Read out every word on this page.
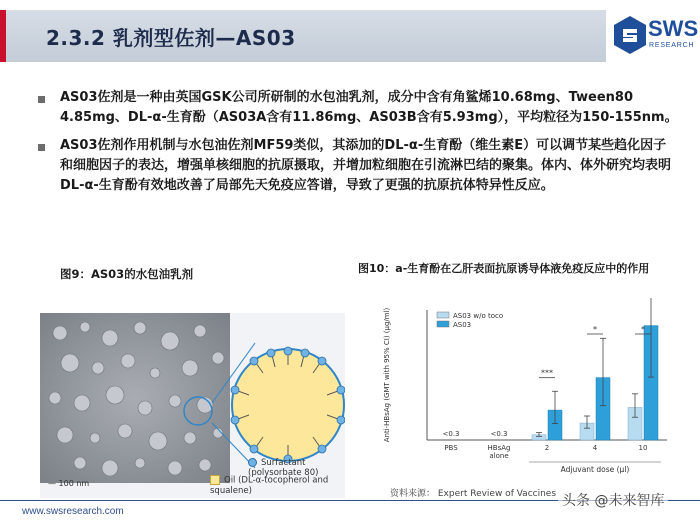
2.3.2 乳剂型佐剂—AS03	SWS
RESEARCH
AS03佐剂是一种由英国GSK公司所研制的水包油乳剂，成分中含有角鲨烯10.68mg、Tween80 4.85mg、DL-α-生育酚（AS03A含有11.86mg、AS03B含有5.93mg），平均粒径为150-155nm。
AS03佐剂作用机制与水包油佐剂MF59类似，其添加的DL-α-生育酚（维生素E）可以调节某些趋化因子和细胞因子的表达，增强单核细胞的抗原摄取，并增加粒细胞在引流淋巴结的聚集。体内、体外研究均表明DL-α-生育酚有效地改善了局部先天免疫应答谱，导致了更强的抗原抗体特异性反应。
图9：AS03的水包油乳剂	图10：a-生育酚在乙肝表面抗原诱导体液免疫反应中的作用
— 100 nm
Surfactant (polysorbate 80)
Oil (DL-α-tocopherol and squalene)
Anti-HBsAg (GMT with 95% CI) (µg/ml)	AS03 w/o toco
AS03
PBS
<0.3
HBsAg
alone
<0.3
2
***
4
*
10
*
Adjuvant dose (µl)
资料来源： Expert Review of Vaccines
www.swsresearch.com
头条 @未来智库
